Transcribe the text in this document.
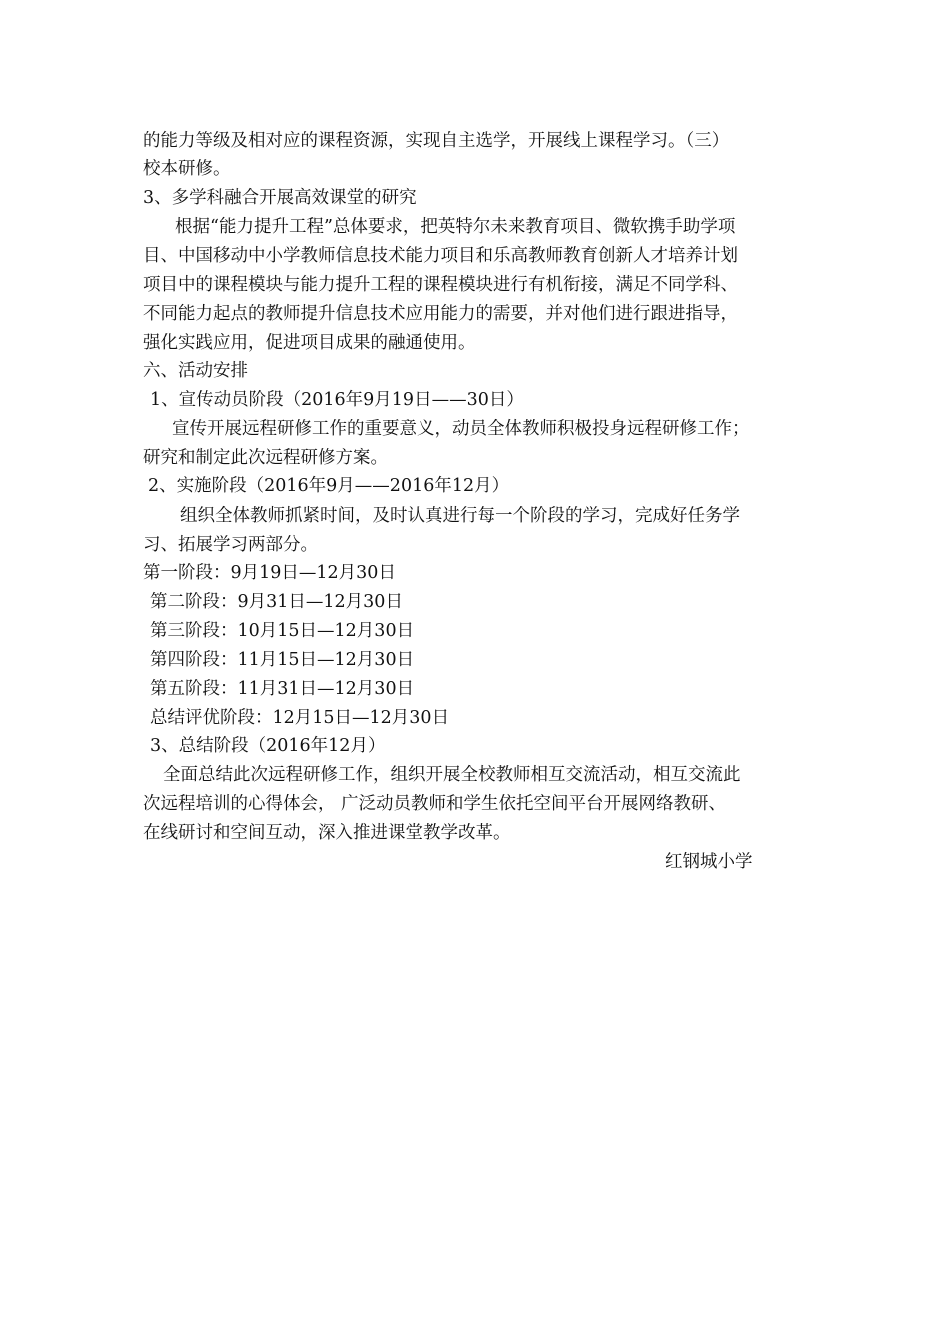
的能力等级及相对应的课程资源，实现自主选学，开展线上课程学习。（三）
校本研修。
3、多学科融合开展高效课堂的研究
根据“能力提升工程”总体要求，把英特尔未来教育项目、微软携手助学项
目、中国移动中小学教师信息技术能力项目和乐高教师教育创新人才培养计划
项目中的课程模块与能力提升工程的课程模块进行有机衔接，满足不同学科、
不同能力起点的教师提升信息技术应用能力的需要，并对他们进行跟进指导，
强化实践应用，促进项目成果的融通使用。
六、活动安排
1、宣传动员阶段（2016年9月19日——30日）
宣传开展远程研修工作的重要意义，动员全体教师积极投身远程研修工作；
研究和制定此次远程研修方案。
2、实施阶段（2016年9月——2016年12月）
组织全体教师抓紧时间，及时认真进行每一个阶段的学习，完成好任务学
习、拓展学习两部分。
第一阶段：9月19日—12月30日
第二阶段：9月31日—12月30日
第三阶段：10月15日—12月30日
第四阶段：11月15日—12月30日
第五阶段：11月31日—12月30日
总结评优阶段：12月15日—12月30日
3、总结阶段（2016年12月）
全面总结此次远程研修工作，组织开展全校教师相互交流活动，相互交流此
次远程培训的心得体会， 广泛动员教师和学生依托空间平台开展网络教研、
在线研讨和空间互动，深入推进课堂教学改革。
红钢城小学
